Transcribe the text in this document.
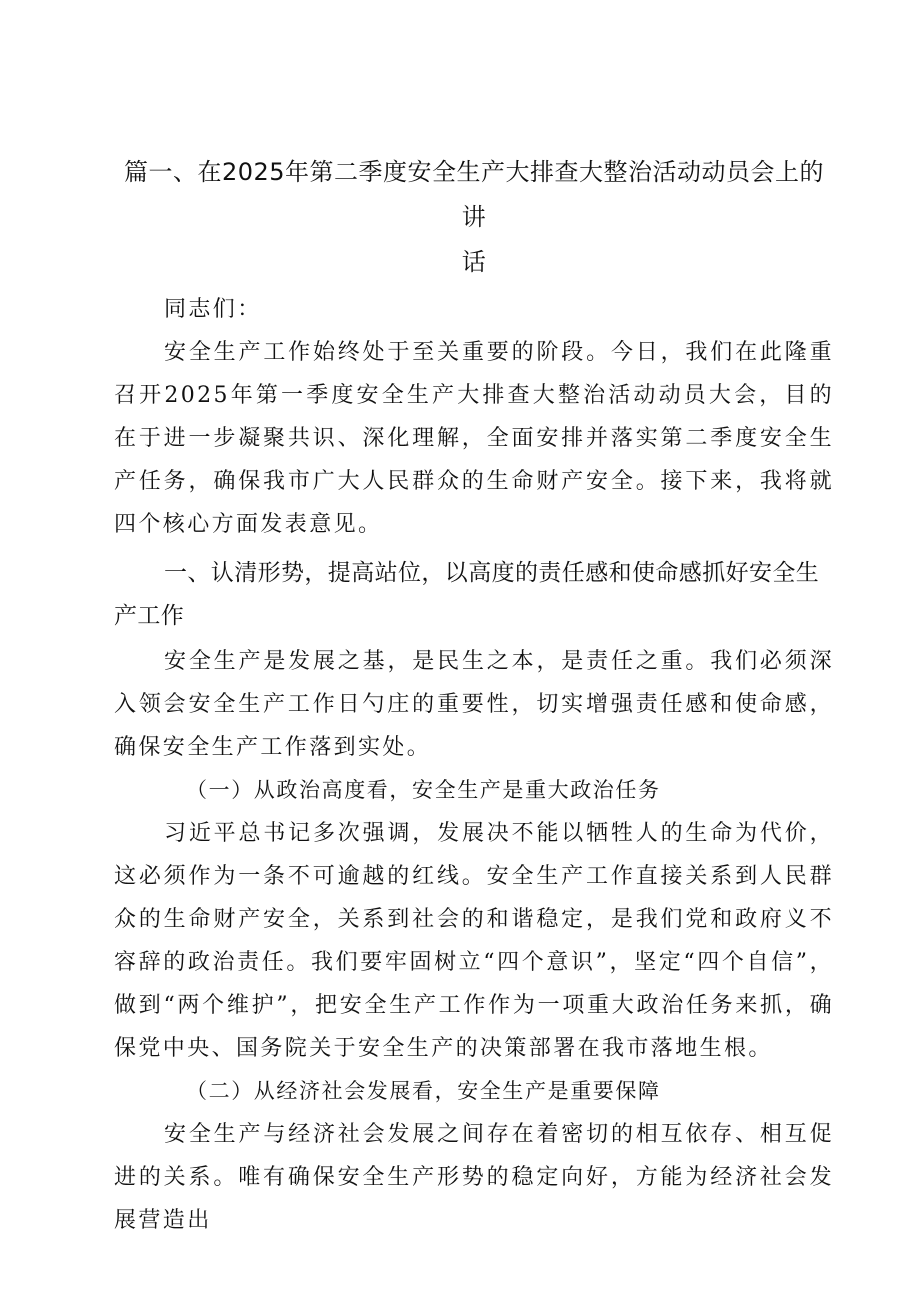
篇一、在2025年第二季度安全生产大排查大整治活动动员会上的讲
话

同志们：

安全生产工作始终处于至关重要的阶段。今日，我们在此隆重召开2025年第一季度安全生产大排查大整治活动动员大会，目的在于进一步凝聚共识、深化理解，全面安排并落实第二季度安全生产任务，确保我市广大人民群众的生命财产安全。接下来，我将就四个核心方面发表意见。

一、认清形势，提高站位，以高度的责任感和使命感抓好安全生产工作

安全生产是发展之基，是民生之本，是责任之重。我们必须深入领会安全生产工作日勺庄的重要性，切实增强责任感和使命感，确保安全生产工作落到实处。

（一）从政治高度看，安全生产是重大政治任务

习近平总书记多次强调，发展决不能以牺牲人的生命为代价，这必须作为一条不可逾越的红线。安全生产工作直接关系到人民群众的生命财产安全，关系到社会的和谐稳定，是我们党和政府义不容辞的政治责任。我们要牢固树立“四个意识”，坚定“四个自信”，做到“两个维护”，把安全生产工作作为一项重大政治任务来抓，确保党中央、国务院关于安全生产的决策部署在我市落地生根。

（二）从经济社会发展看，安全生产是重要保障

安全生产与经济社会发展之间存在着密切的相互依存、相互促进的关系。唯有确保安全生产形势的稳定向好，方能为经济社会发展营造出
